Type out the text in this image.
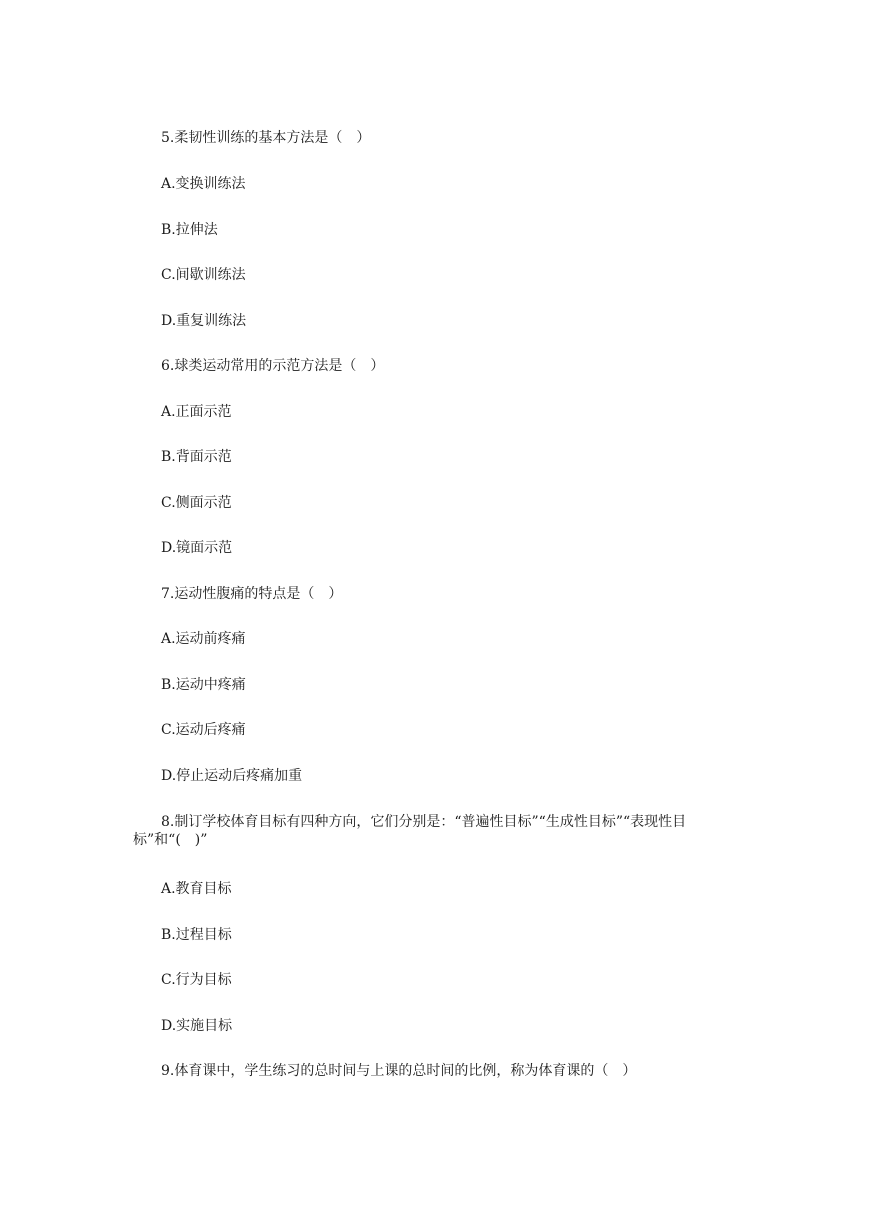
5.柔韧性训练的基本方法是（　）
A.变换训练法
B.拉伸法
C.间歇训练法
D.重复训练法
6.球类运动常用的示范方法是（　）
A.正面示范
B.背面示范
C.侧面示范
D.镜面示范
7.运动性腹痛的特点是（　）
A.运动前疼痛
B.运动中疼痛
C.运动后疼痛
D.停止运动后疼痛加重
8.制订学校体育目标有四种方向，它们分别是：“普遍性目标”“生成性目标”“表现性目标”和“(　)”
A.教育目标
B.过程目标
C.行为目标
D.实施目标
9.体育课中，学生练习的总时间与上课的总时间的比例，称为体育课的（　）
